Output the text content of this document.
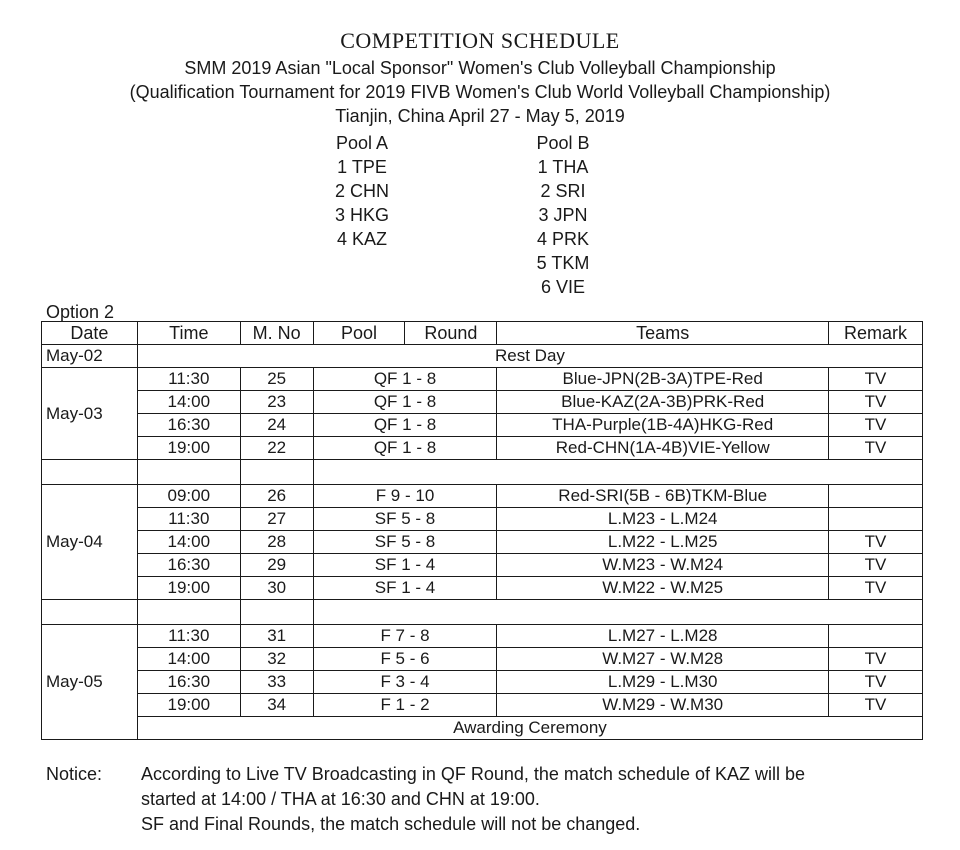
COMPETITION SCHEDULE
SMM 2019 Asian "Local Sponsor" Women's Club Volleyball Championship
(Qualification Tournament for 2019 FIVB Women's Club World Volleyball Championship)
Tianjin, China April 27 - May 5, 2019
Pool A
1 TPE
2 CHN
3 HKG
4 KAZ
Pool B
1 THA
2 SRI
3 JPN
4 PRK
5 TKM
6 VIE
Option 2
Date	Time	M. No	Pool	Round	Teams	Remark
May-02	Rest Day					
May-03	11:30	25	QF 1 - 8		Blue-JPN(2B-3A)TPE-Red	TV
	14:00	23	QF 1 - 8		Blue-KAZ(2A-3B)PRK-Red	TV
	16:30	24	QF 1 - 8		THA-Purple(1B-4A)HKG-Red	TV
	19:00	22	QF 1 - 8		Red-CHN(1A-4B)VIE-Yellow	TV

May-04	09:00	26	F 9 - 10		Red-SRI(5B - 6B)TKM-Blue	
	11:30	27	SF 5 - 8		L.M23 - L.M24	
	14:00	28	SF 5 - 8		L.M22 - L.M25	TV
	16:30	29	SF 1 - 4		W.M23 - W.M24	TV
	19:00	30	SF 1 - 4		W.M22 - W.M25	TV

May-05	11:30	31	F 7 - 8		L.M27 - L.M28	
	14:00	32	F 5 - 6		W.M27 - W.M28	TV
	16:30	33	F 3 - 4		L.M29 - L.M30	TV
	19:00	34	F 1 - 2		W.M29 - W.M30	TV
	Awarding Ceremony					
Notice: According to Live TV Broadcasting in QF Round, the match schedule of KAZ will be
started at 14:00 / THA at 16:30 and CHN at 19:00.
SF and Final Rounds, the match schedule will not be changed.
